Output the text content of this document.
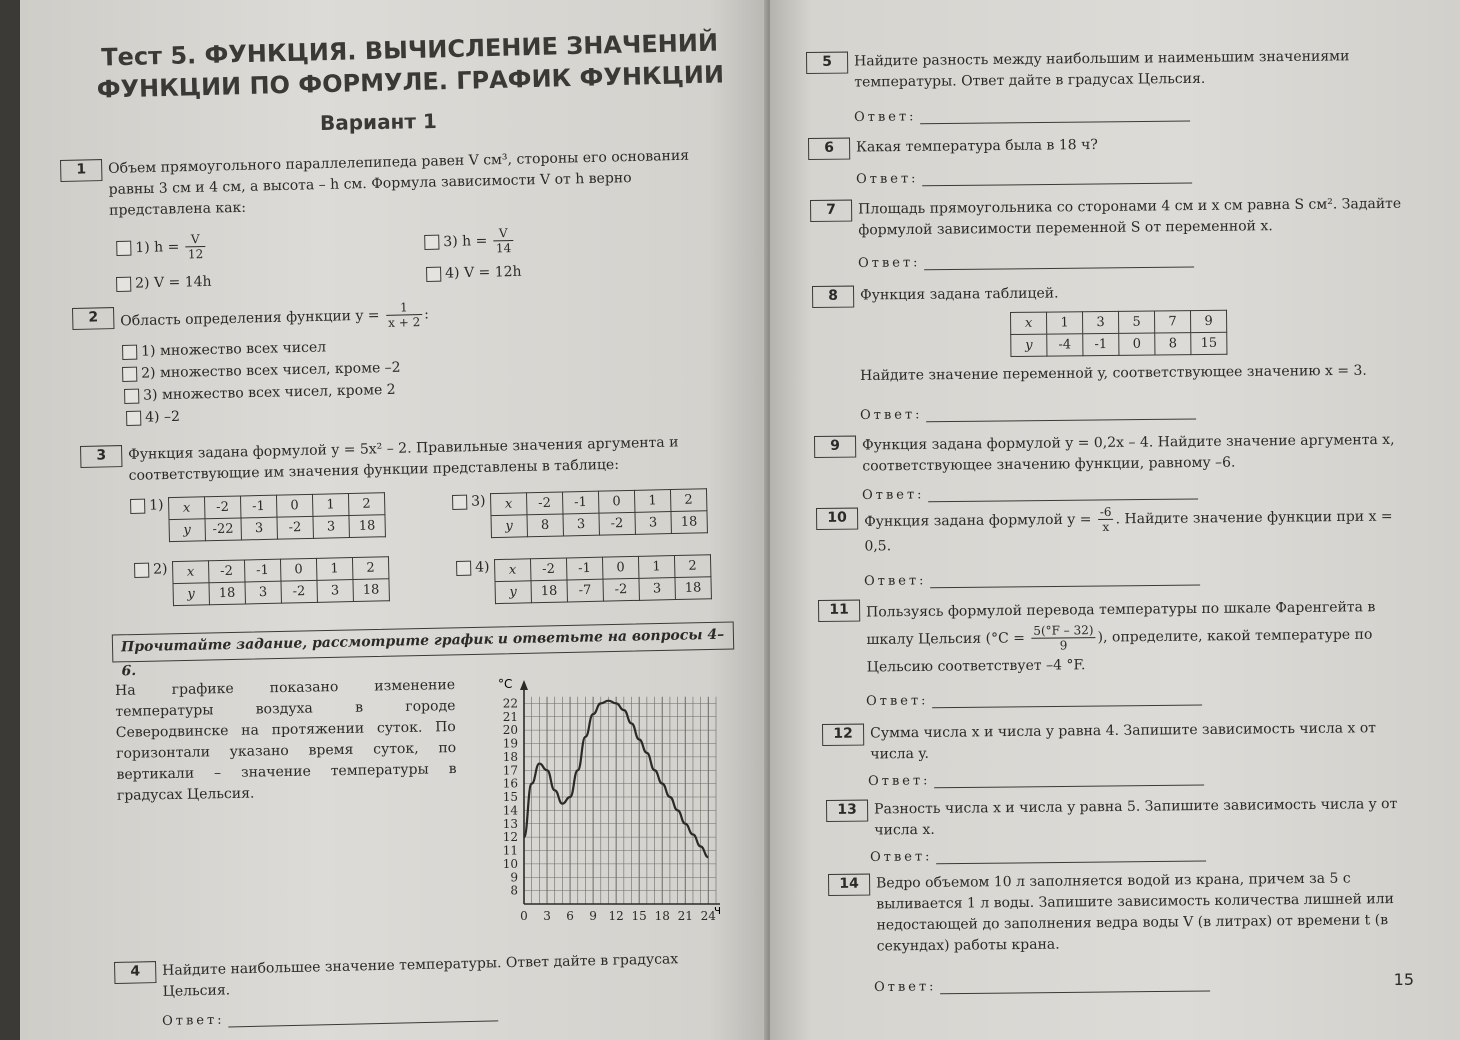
Тест 5. ФУНКЦИЯ. ВЫЧИСЛЕНИЕ ЗНАЧЕНИЙ ФУНКЦИИ ПО ФОРМУЛЕ. ГРАФИК ФУНКЦИИ
Вариант 1
1 Объем прямоугольного параллелепипеда равен V см³, стороны его основания равны 3 см и 4 см, а высота – h см. Формула зависимости V от h верно представлена как:
1) $h = \frac{V}{12}$
2) V = 14h
3) $h = \frac{V}{14}$
4) V = 12h
2 Область определения функции $y = \frac{1}{x + 2}$ :
1) множество всех чисел
2) множество всех чисел, кроме –2
3) множество всех чисел, кроме 2
4) –2
3 Функция задана формулой y = 5x² – 2. Правильные значения аргумента и соответствующие им значения функции представлены в таблице:
1) x	-2	-1	0	1	2
y	-22	3	-2	3	18
2) x	-2	-1	0	1	2
y	18	3	-2	3	18
3) x	-2	-1	0	1	2
y	8	3	-2	3	18
4) x	-2	-1	0	1	2
y	18	-7	-2	3	18
Прочитайте задание, рассмотрите график и ответьте на вопросы 4–6.
На графике показано изменение температуры воздуха в городе Северодвинске на протяжении суток. По горизонтали указано время суток, по вертикали – значение температуры в градусах Цельсия.
8
9
10
11
12
13
14
15
16
17
18
19
20
21
22
0 3 6 9 12 15 18 21 24
°C
ч
4 Найдите наибольшее значение температуры. Ответ дайте в градусах Цельсия.
Ответ:
5 Найдите разность между наибольшим и наименьшим значениями температуры. Ответ дайте в градусах Цельсия.
Ответ:
6 Какая температура была в 18 ч?
Ответ:
7 Площадь прямоугольника со сторонами 4 см и x см равна S см². Задайте формулой зависимости переменной S от переменной x.
Ответ:
8 Функция задана таблицей.
x	1	3	5	7	9
y	-4	-1	0	8	15
Найдите значение переменной y, соответствующее значению x = 3.
Ответ:
9 Функция задана формулой y = 0,2x – 4. Найдите значение аргумента x, соответствующее значению функции, равному –6.
Ответ:
10 Функция задана формулой $y = \frac{-6}{x}$ . Найдите значение функции при x = 0,5.
Ответ:
11 Пользуясь формулой перевода температуры по шкале Фаренгейта в шкалу Цельсия ($^\circ C = \frac{5(^\circ F - 32)}{9}$ ), определите, какой температуре по Цельсию соответствует –4 °F.
Ответ:
12 Сумма числа x и числа y равна 4. Запишите зависимость числа x от числа y.
Ответ:
13 Разность числа x и числа y равна 5. Запишите зависимость числа y от числа x.
Ответ:
14 Ведро объемом 10 л заполняется водой из крана, причем за 5 с выливается 1 л воды. Запишите зависимость количества лишней или недостающей до заполнения ведра воды V (в литрах) от времени t (в секундах) работы крана.
Ответ:	15
